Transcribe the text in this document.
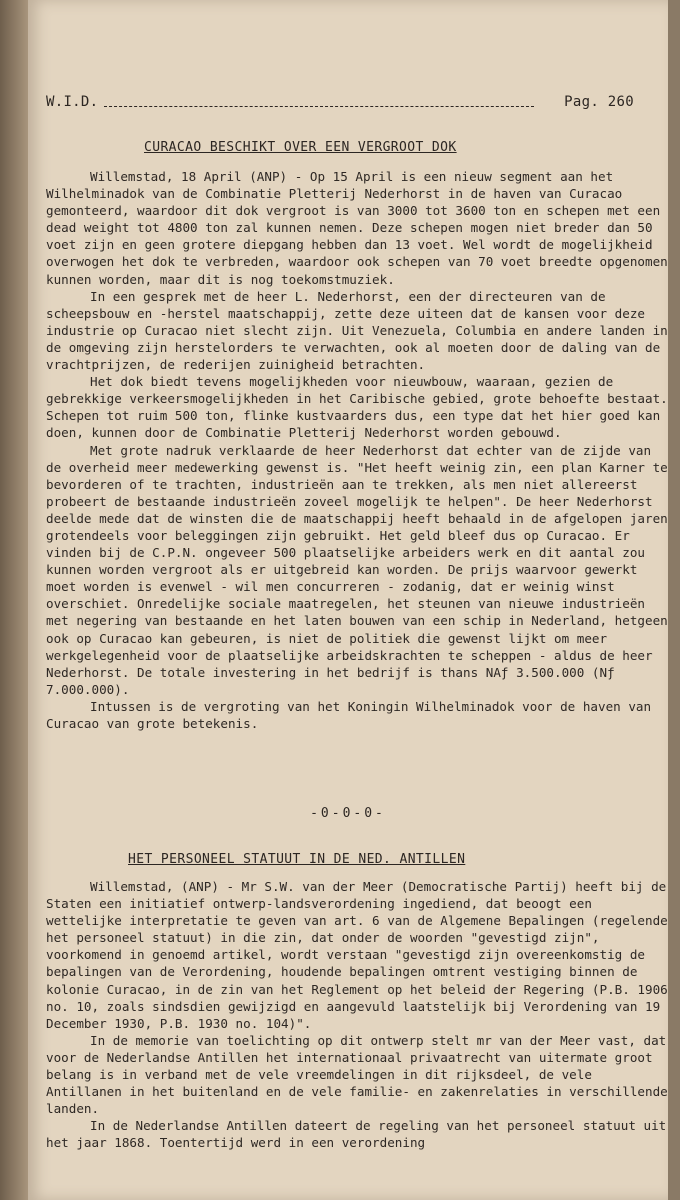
W.I.D.	Pag. 260
CURACAO BESCHIKT OVER EEN VERGROOT DOK

Willemstad, 18 April (ANP) - Op 15 April is een nieuw segment aan het Wilhelminadok van de Combinatie Pletterij Nederhorst in de haven van Curacao gemonteerd, waardoor dit dok vergroot is van 3000 tot 3600 ton en schepen met een dead weight tot 4800 ton zal kunnen nemen. Deze schepen mogen niet breder dan 50 voet zijn en geen grotere diepgang hebben dan 13 voet. Wel wordt de mogelijkheid overwogen het dok te verbreden, waardoor ook schepen van 70 voet breedte opgenomen kunnen worden, maar dit is nog toekomstmuziek.

In een gesprek met de heer L. Nederhorst, een der directeuren van de scheepsbouw en -herstel maatschappij, zette deze uiteen dat de kansen voor deze industrie op Curacao niet slecht zijn. Uit Venezuela, Columbia en andere landen in de omgeving zijn herstelorders te verwachten, ook al moeten door de daling van de vrachtprijzen, de rederijen zuinigheid betrachten.

Het dok biedt tevens mogelijkheden voor nieuwbouw, waaraan, gezien de gebrekkige verkeersmogelijkheden in het Caribische gebied, grote behoefte bestaat. Schepen tot ruim 500 ton, flinke kustvaarders dus, een type dat het hier goed kan doen, kunnen door de Combinatie Pletterij Nederhorst worden gebouwd.

Met grote nadruk verklaarde de heer Nederhorst dat echter van de zijde van de overheid meer medewerking gewenst is. "Het heeft weinig zin, een plan Karner te bevorderen of te trachten, industrieën aan te trekken, als men niet allereerst probeert de bestaande industrieën zoveel mogelijk te helpen". De heer Nederhorst deelde mede dat de winsten die de maatschappij heeft behaald in de afgelopen jaren grotendeels voor beleggingen zijn gebruikt. Het geld bleef dus op Curacao. Er vinden bij de C.P.N. ongeveer 500 plaatselijke arbeiders werk en dit aantal zou kunnen worden vergroot als er uitgebreid kan worden. De prijs waarvoor gewerkt moet worden is evenwel - wil men concurreren - zodanig, dat er weinig winst overschiet. Onredelijke sociale maatregelen, het steunen van nieuwe industrieën met negering van bestaande en het laten bouwen van een schip in Nederland, hetgeen ook op Curacao kan gebeuren, is niet de politiek die gewenst lijkt om meer werkgelegenheid voor de plaatselijke arbeidskrachten te scheppen - aldus de heer Nederhorst. De totale investering in het bedrijf is thans NAƒ 3.500.000 (Nƒ 7.000.000).

Intussen is de vergroting van het Koningin Wilhelminadok voor de haven van Curacao van grote betekenis.

-0-0-0-
HET PERSONEEL STATUUT IN DE NED. ANTILLEN

Willemstad, (ANP) - Mr S.W. van der Meer (Democratische Partij) heeft bij de Staten een initiatief ontwerp-landsverordening ingediend, dat beoogt een wettelijke interpretatie te geven van art. 6 van de Algemene Bepalingen (regelende het personeel statuut) in die zin, dat onder de woorden "gevestigd zijn", voorkomend in genoemd artikel, wordt verstaan "gevestigd zijn overeenkomstig de bepalingen van de Verordening, houdende bepalingen omtrent vestiging binnen de kolonie Curacao, in de zin van het Reglement op het beleid der Regering (P.B. 1906 no. 10, zoals sindsdien gewijzigd en aangevuld laatstelijk bij Verordening van 19 December 1930, P.B. 1930 no. 104)".

In de memorie van toelichting op dit ontwerp stelt mr van der Meer vast, dat voor de Nederlandse Antillen het internationaal privaatrecht van uitermate groot belang is in verband met de vele vreemdelingen in dit rijksdeel, de vele Antillanen in het buitenland en de vele familie- en zakenrelaties in verschillende landen.

In de Nederlandse Antillen dateert de regeling van het personeel statuut uit het jaar 1868. Toentertijd werd in een verordening
